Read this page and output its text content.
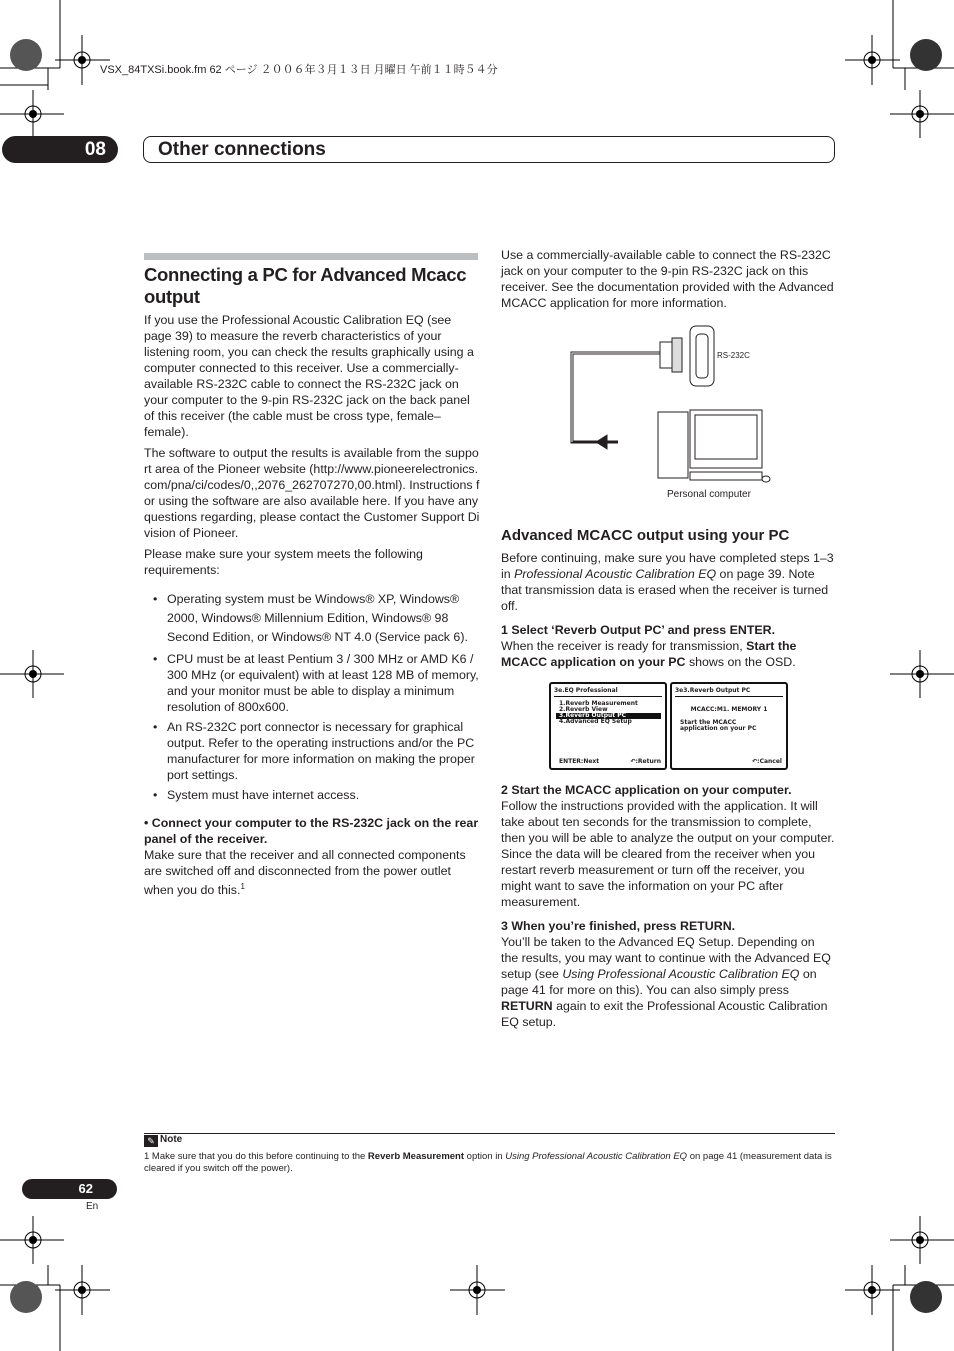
VSX_84TXSi.book.fm 62 ページ ２００６年３月１３日 月曜日 午前１１時５４分
08	Other connections
Connecting a PC for Advanced Mcacc output

If you use the Professional Acoustic Calibration EQ (see page 39) to measure the reverb characteristics of your listening room, you can check the results graphically using a computer connected to this receiver. Use a commercially-available RS-232C cable to connect the RS-232C jack on your computer to the 9-pin RS-232C jack on the back panel of this receiver (the cable must be cross type, female–female).

The software to output the results is available from the support area of the Pioneer website (http://www.pioneerelectronics.com/pna/ci/codes/0,,2076_262707270,00.html). Instructions for using the software are also available here. If you have any questions regarding, please contact the Customer Support Division of Pioneer.

Please make sure your system meets the following requirements:

• Operating system must be Windows® XP, Windows® 2000, Windows® Millennium Edition, Windows® 98 Second Edition, or Windows® NT 4.0 (Service pack 6).
• CPU must be at least Pentium 3 / 300 MHz or AMD K6 / 300 MHz (or equivalent) with at least 128 MB of memory, and your monitor must be able to display a minimum resolution of 800x600.
• An RS-232C port connector is necessary for graphical output. Refer to the operating instructions and/or the PC manufacturer for more information on making the proper port settings.
• System must have internet access.

• Connect your computer to the RS-232C jack on the rear panel of the receiver.

Make sure that the receiver and all connected components are switched off and disconnected from the power outlet when you do this.$^1$

Use a commercially-available cable to connect the RS-232C jack on your computer to the 9-pin RS-232C jack on this receiver. See the documentation provided with the Advanced MCACC application for more information.

RS-232C
Personal computer
Advanced MCACC output using your PC

Before continuing, make sure you have completed steps 1–3 in Professional Acoustic Calibration EQ on page 39. Note that transmission data is erased when the receiver is turned off.

1 Select ‘Reverb Output PC’ and press ENTER.

When the receiver is ready for transmission, Start the MCACC application on your PC shows on the OSD.

3e.EQ Professional
1.Reverb Measurement
2.Reverb View
3.Reverb Output PC
4.Advanced EQ Setup
ENTER:Next	↶:Return
3e3.Reverb Output PC
MCACC:M1. MEMORY 1
Start the MCACC application on your PC
↶:Cancel

2 Start the MCACC application on your computer.

Follow the instructions provided with the application. It will take about ten seconds for the transmission to complete, then you will be able to analyze the output on your computer. Since the data will be cleared from the receiver when you restart reverb measurement or turn off the receiver, you might want to save the information on your PC after measurement.

3 When you’re finished, press RETURN.

You’ll be taken to the Advanced EQ Setup. Depending on the results, you may want to continue with the Advanced EQ setup (see Using Professional Acoustic Calibration EQ on page 41 for more on this). You can also simply press RETURN again to exit the Professional Acoustic Calibration EQ setup.

✎ Note
1 Make sure that you do this before continuing to the Reverb Measurement option in Using Professional Acoustic Calibration EQ on page 41 (measurement data is cleared if you switch off the power).
62
En
